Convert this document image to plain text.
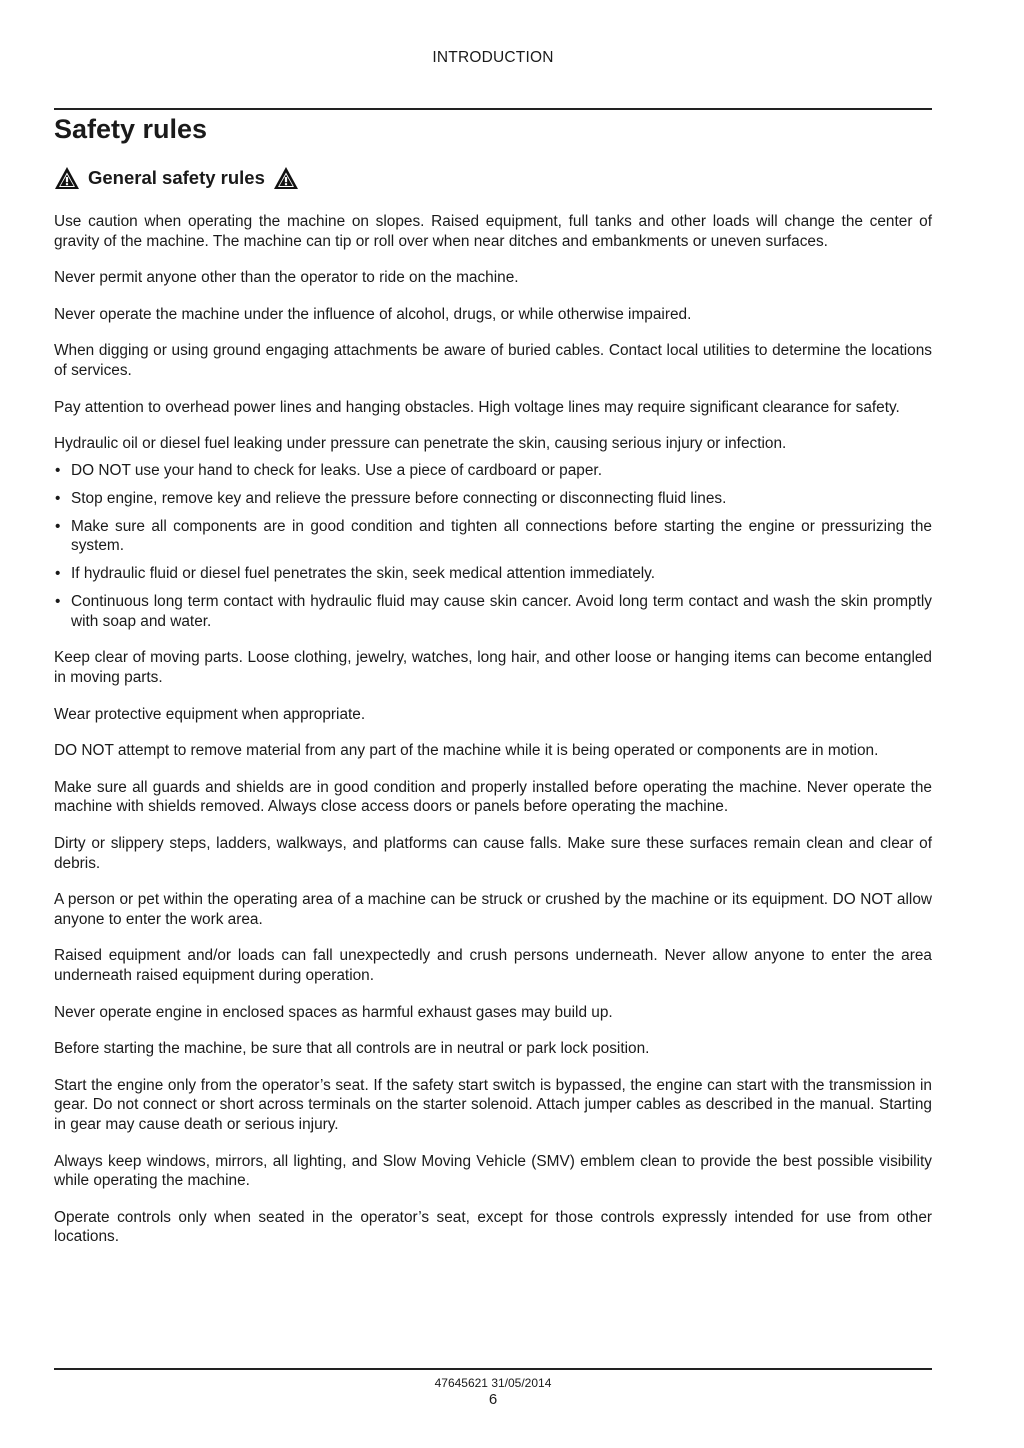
INTRODUCTION
Safety rules
General safety rules

Use caution when operating the machine on slopes. Raised equipment, full tanks and other loads will change the center of gravity of the machine. The machine can tip or roll over when near ditches and embankments or uneven surfaces.

Never permit anyone other than the operator to ride on the machine.

Never operate the machine under the influence of alcohol, drugs, or while otherwise impaired.

When digging or using ground engaging attachments be aware of buried cables. Contact local utilities to determine the locations of services.

Pay attention to overhead power lines and hanging obstacles. High voltage lines may require significant clearance for safety.

Hydraulic oil or diesel fuel leaking under pressure can penetrate the skin, causing serious injury or infection.

• DO NOT use your hand to check for leaks. Use a piece of cardboard or paper.
• Stop engine, remove key and relieve the pressure before connecting or disconnecting fluid lines.
• Make sure all components are in good condition and tighten all connections before starting the engine or pressurizing the system.
• If hydraulic fluid or diesel fuel penetrates the skin, seek medical attention immediately.
• Continuous long term contact with hydraulic fluid may cause skin cancer. Avoid long term contact and wash the skin promptly with soap and water.

Keep clear of moving parts. Loose clothing, jewelry, watches, long hair, and other loose or hanging items can become entangled in moving parts.

Wear protective equipment when appropriate.

DO NOT attempt to remove material from any part of the machine while it is being operated or components are in motion.

Make sure all guards and shields are in good condition and properly installed before operating the machine. Never operate the machine with shields removed. Always close access doors or panels before operating the machine.

Dirty or slippery steps, ladders, walkways, and platforms can cause falls. Make sure these surfaces remain clean and clear of debris.

A person or pet within the operating area of a machine can be struck or crushed by the machine or its equipment. DO NOT allow anyone to enter the work area.

Raised equipment and/or loads can fall unexpectedly and crush persons underneath. Never allow anyone to enter the area underneath raised equipment during operation.

Never operate engine in enclosed spaces as harmful exhaust gases may build up.

Before starting the machine, be sure that all controls are in neutral or park lock position.

Start the engine only from the operator’s seat. If the safety start switch is bypassed, the engine can start with the transmission in gear. Do not connect or short across terminals on the starter solenoid. Attach jumper cables as described in the manual. Starting in gear may cause death or serious injury.

Always keep windows, mirrors, all lighting, and Slow Moving Vehicle (SMV) emblem clean to provide the best possible visibility while operating the machine.

Operate controls only when seated in the operator’s seat, except for those controls expressly intended for use from other locations.

47645621 31/05/2014
6
